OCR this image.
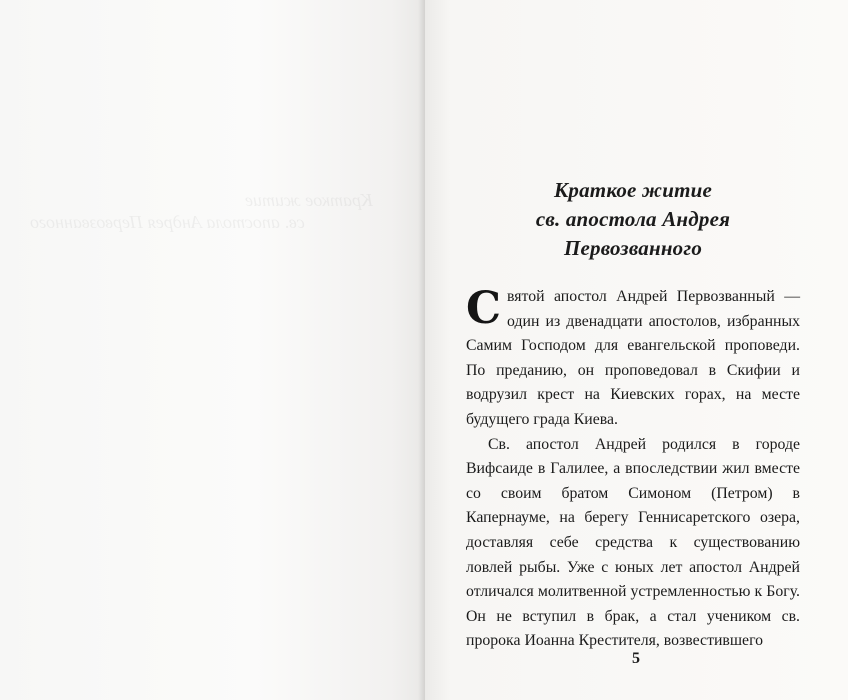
Краткое житие
св. апостола Андрея Первозванного
Краткое житие
св. апостола Андрея Первозванного

Святой апостол Андрей Первозванный — один из двенадцати апостолов, избранных Самим Господом для евангельской проповеди. По преданию, он проповедовал в Скифии и водрузил крест на Киевских горах, на месте будущего града Киева.

Св. апостол Андрей родился в городе Вифсаиде в Галилее, а впоследствии жил вместе со своим братом Симоном (Петром) в Капернауме, на берегу Геннисаретского озера, доставляя себе средства к существованию ловлей рыбы. Уже с юных лет апостол Андрей отличался молитвенной устремленностью к Богу. Он не вступил в брак, а стал учеником св. пророка Иоанна Крестителя, возвестившего

5
